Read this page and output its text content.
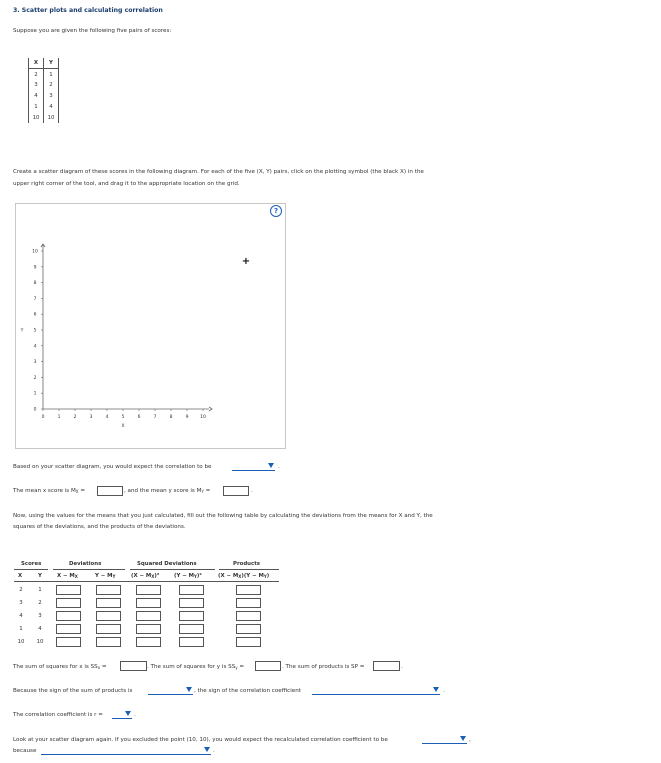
3. Scatter plots and calculating correlation
Suppose you are given the following five pairs of scores:
X	Y
2	1
3	2
4	3
1	4
10	10
Create a scatter diagram of these scores in the following diagram. For each of the five (X, Y) pairs, click on the plotting symbol (the black X) in the
upper right corner of the tool, and drag it to the appropriate location on the grid.
?
0	1	2	3	4	5	6	7	8	9	10
0
1
2
3
4
5
6
7
8
9
10
X
Y
+
Based on your scatter diagram, you would expect the correlation to be	.
The mean x score is $M_X$ =	, and the mean y score is $M_Y$ =	.
Now, using the values for the means that you just calculated, fill out the following table by calculating the deviations from the means for X and Y, the
squares of the deviations, and the products of the deviations.
Scores	Deviations	Squared Deviations	Products
X	Y	$X - M_X$	$Y - M_Y$	$(X - M_X)^2$	$(Y - M_Y)^2$	$(X - M_X)(Y - M_Y)$
2	1
3	2
4	3
1	4
10	10
The sum of squares for x is $SS_x$ =	. The sum of squares for y is $SS_y$ =	. The sum of products is SP =	.
Because the sign of the sum of products is	, the sign of the correlation coefficient	.
The correlation coefficient is r =	.
Look at your scatter diagram again. If you excluded the point (10, 10), you would expect the recalculated correlation coefficient to be	,
because	.
